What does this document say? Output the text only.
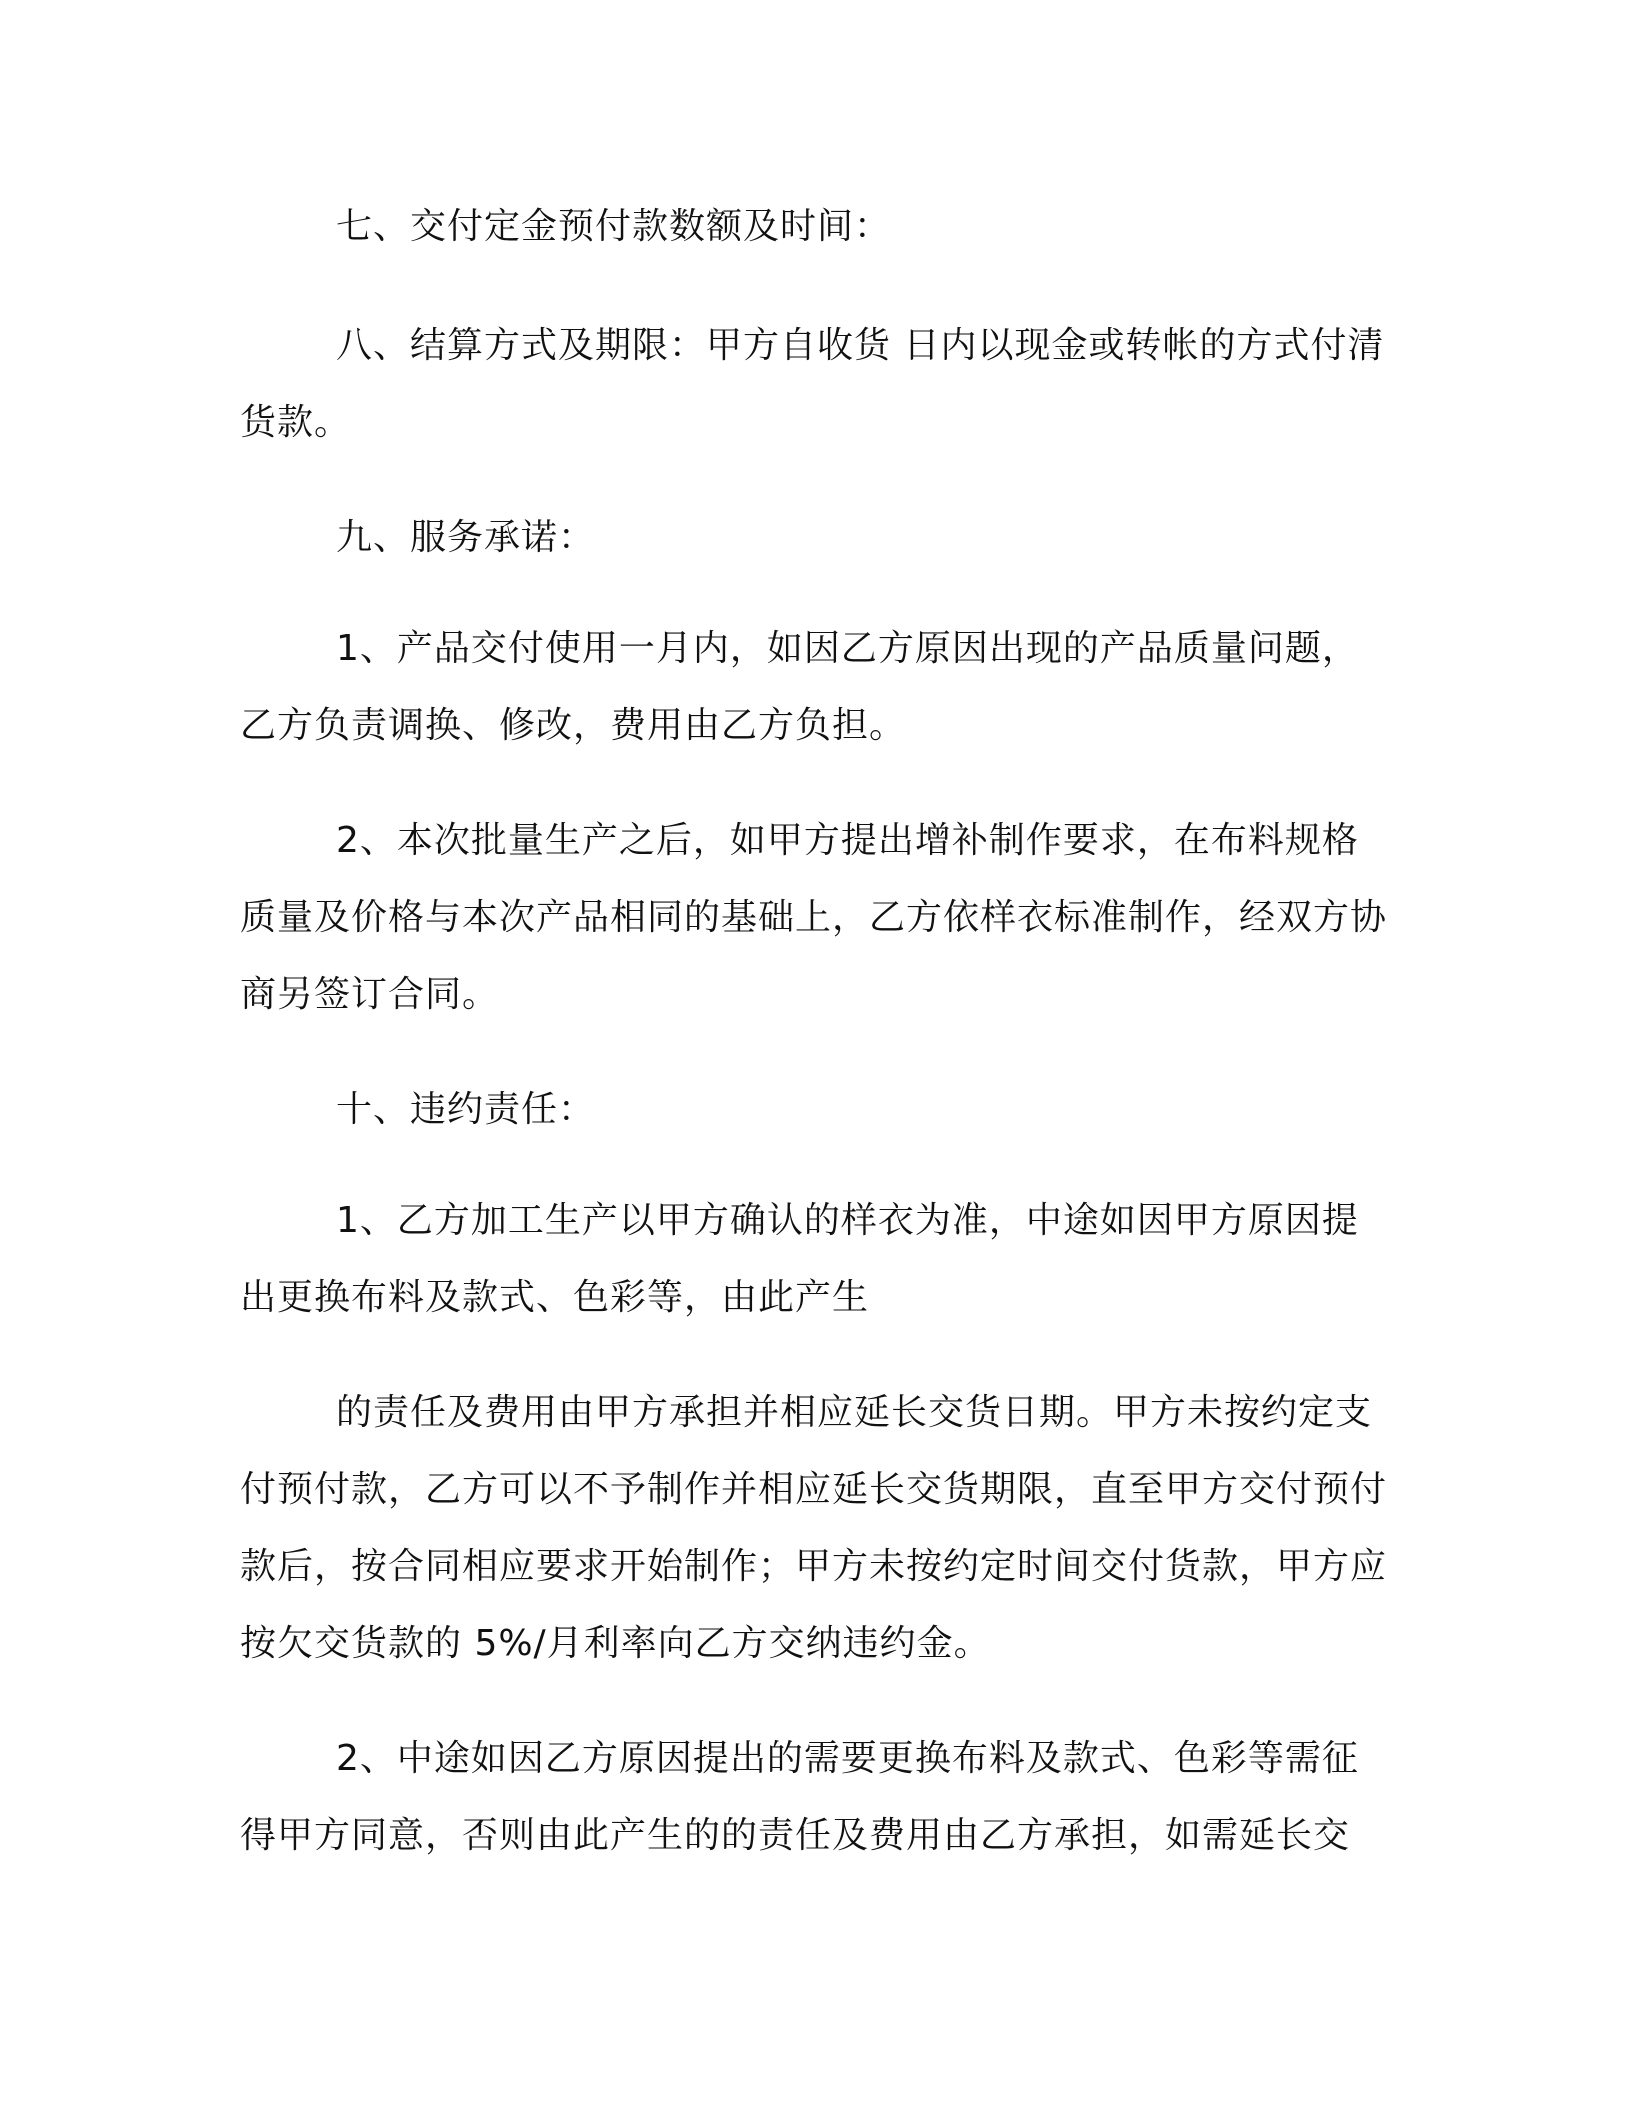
七、交付定金预付款数额及时间：

八、结算方式及期限：甲方自收货 日内以现金或转帐的方式付清货款。

九、服务承诺：

1、产品交付使用一月内，如因乙方原因出现的产品质量问题，乙方负责调换、修改，费用由乙方负担。

2、本次批量生产之后，如甲方提出增补制作要求，在布料规格质量及价格与本次产品相同的基础上，乙方依样衣标准制作，经双方协商另签订合同。

十、违约责任：

1、乙方加工生产以甲方确认的样衣为准，中途如因甲方原因提出更换布料及款式、色彩等，由此产生

的责任及费用由甲方承担并相应延长交货日期。甲方未按约定支付预付款，乙方可以不予制作并相应延长交货期限，直至甲方交付预付款后，按合同相应要求开始制作；甲方未按约定时间交付货款，甲方应按欠交货款的 5%/月利率向乙方交纳违约金。

2、中途如因乙方原因提出的需要更换布料及款式、色彩等需征得甲方同意，否则由此产生的的责任及费用由乙方承担，如需延长交
